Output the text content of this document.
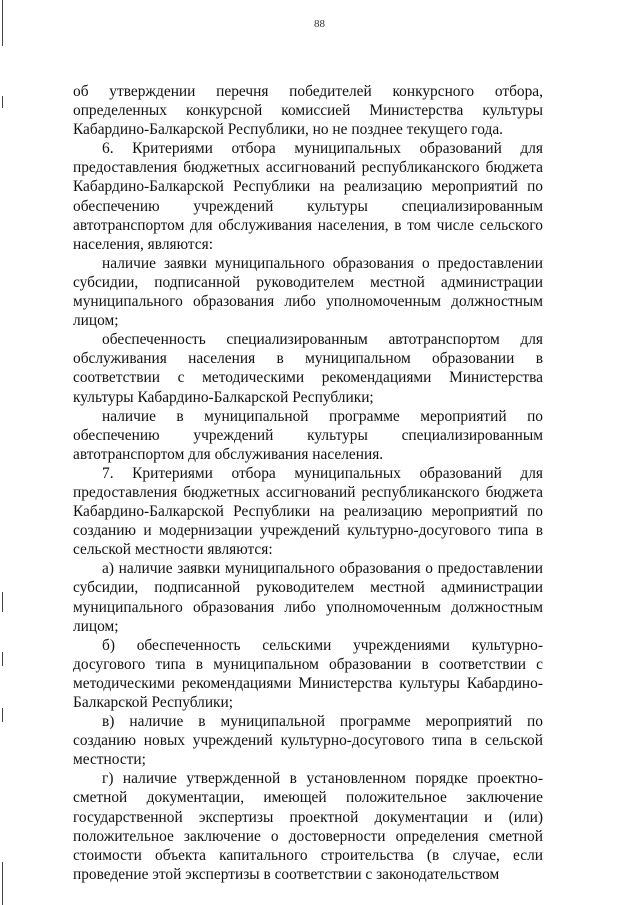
88

об утверждении перечня победителей конкурсного отбора, определенных конкурсной комиссией Министерства культуры Кабардино-Балкарской Республики, но не позднее текущего года.

6. Критериями отбора муниципальных образований для предоставления бюджетных ассигнований республиканского бюджета Кабардино-Балкарской Республики на реализацию мероприятий по обеспечению учреждений культуры специализированным автотранспортом для обслуживания населения, в том числе сельского населения, являются:

наличие заявки муниципального образования о предоставлении субсидии, подписанной руководителем местной администрации муниципального образования либо уполномоченным должностным лицом;

обеспеченность специализированным автотранспортом для обслуживания населения в муниципальном образовании в соответствии с методическими рекомендациями Министерства культуры Кабардино-Балкарской Республики;

наличие в муниципальной программе мероприятий по обеспечению учреждений культуры специализированным автотранспортом для обслуживания населения.

7. Критериями отбора муниципальных образований для предоставления бюджетных ассигнований республиканского бюджета Кабардино-Балкарской Республики на реализацию мероприятий по созданию и модернизации учреждений культурно-досугового типа в сельской местности являются:

а) наличие заявки муниципального образования о предоставлении субсидии, подписанной руководителем местной администрации муниципального образования либо уполномоченным должностным лицом;

б) обеспеченность сельскими учреждениями культурно-досугового типа в муниципальном образовании в соответствии с методическими рекомендациями Министерства культуры Кабардино-Балкарской Республики;

в) наличие в муниципальной программе мероприятий по созданию новых учреждений культурно-досугового типа в сельской местности;

г) наличие утвержденной в установленном порядке проектно-сметной документации, имеющей положительное заключение государственной экспертизы проектной документации и (или) положительное заключение о достоверности определения сметной стоимости объекта капитального строительства (в случае, если проведение этой экспертизы в соответствии с законодательством
